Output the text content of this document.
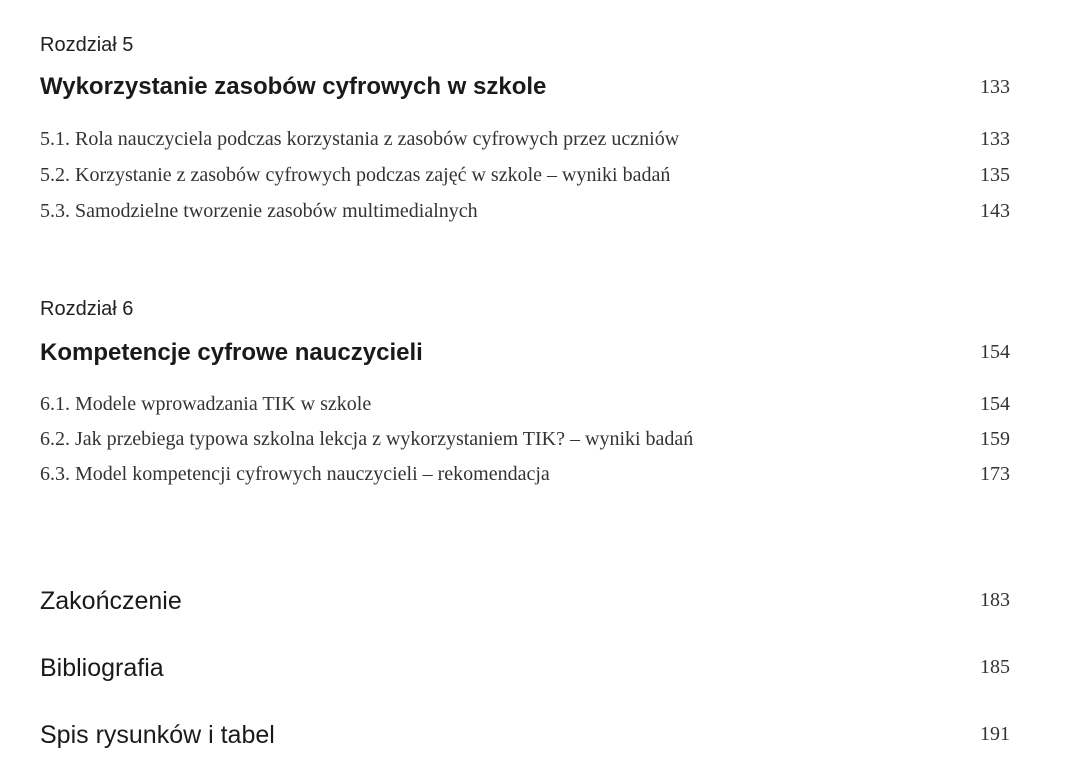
Rozdział 5
Wykorzystanie zasobów cyfrowych w szkole	133
5.1. Rola nauczyciela podczas korzystania z zasobów cyfrowych przez uczniów	133
5.2. Korzystanie z zasobów cyfrowych podczas zajęć w szkole – wyniki badań	135
5.3. Samodzielne tworzenie zasobów multimedialnych	143
Rozdział 6
Kompetencje cyfrowe nauczycieli	154
6.1. Modele wprowadzania TIK w szkole	154
6.2. Jak przebiega typowa szkolna lekcja z wykorzystaniem TIK? – wyniki badań	159
6.3. Model kompetencji cyfrowych nauczycieli – rekomendacja	173
Zakończenie	183
Bibliografia	185
Spis rysunków i tabel	191
